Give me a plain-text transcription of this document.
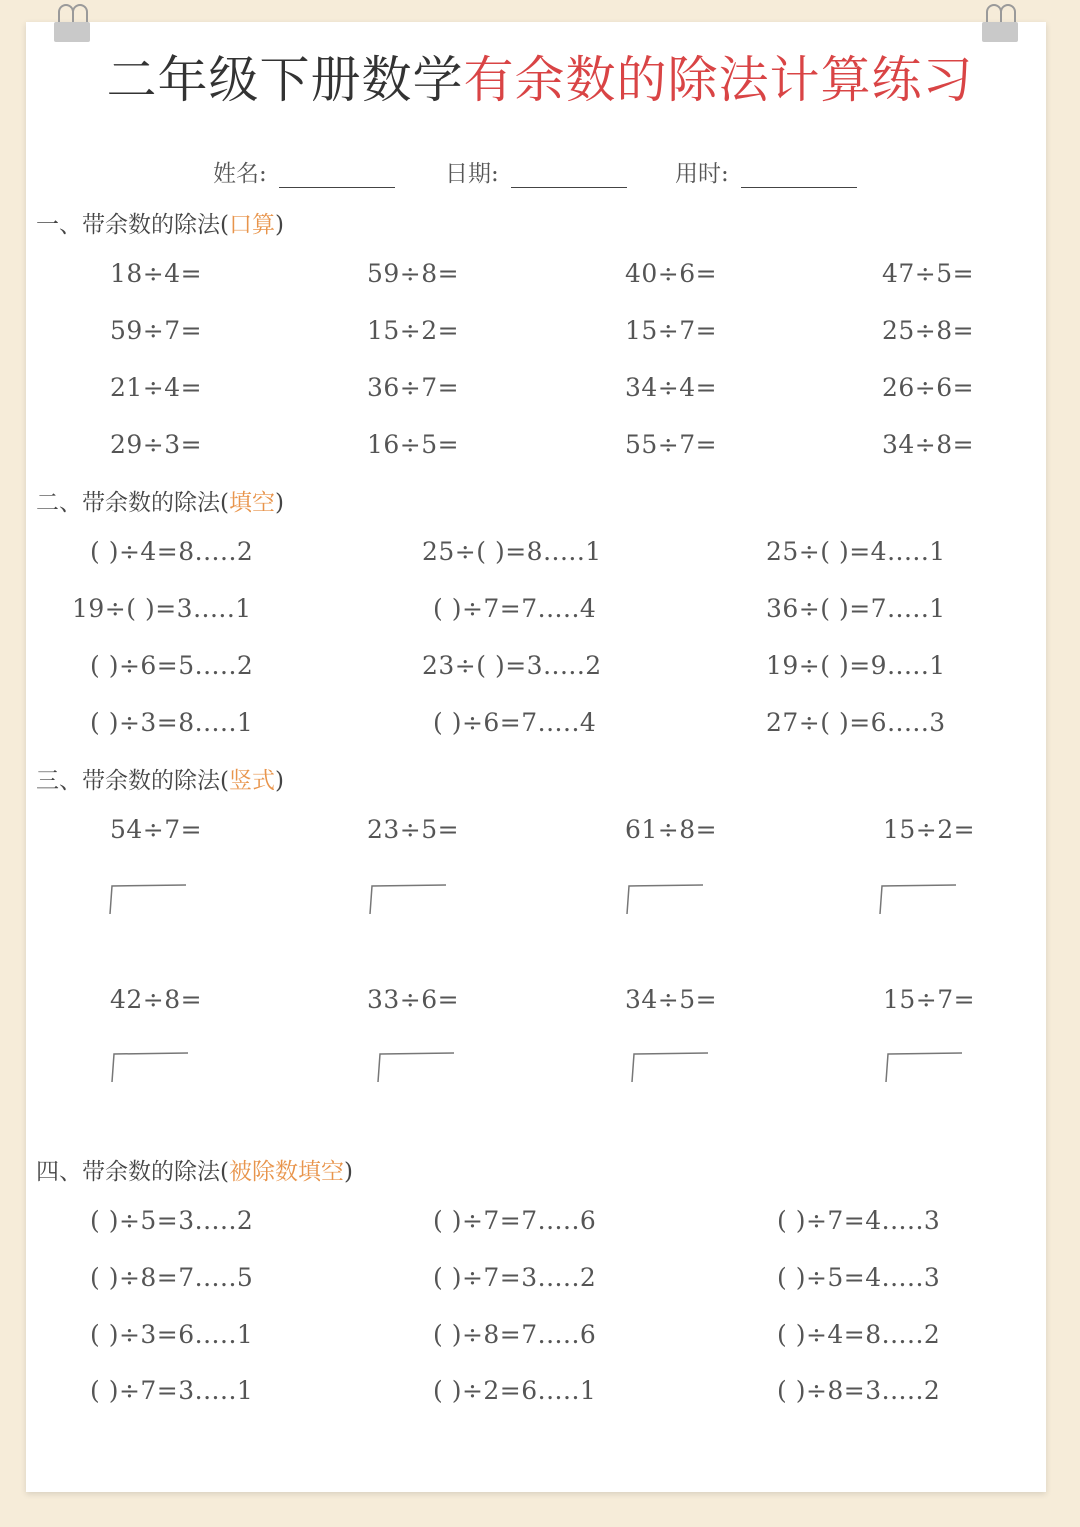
二年级下册数学有余数的除法计算练习
姓名:	日期:	用时:
一、带余数的除法(口算)
二、带余数的除法(填空)
三、带余数的除法(竖式)
四、带余数的除法(被除数填空)
18÷4=	59÷8=	40÷6=	47÷5=
59÷7=	15÷2=	15÷7=	25÷8=
21÷4=	36÷7=	34÷4=	26÷6=
29÷3=	16÷5=	55÷7=	34÷8=
( )÷4=8.....2	25÷( )=8.....1	25÷( )=4.....1
19÷( )=3.....1	( )÷7=7.....4	36÷( )=7.....1
( )÷6=5.....2	23÷( )=3.....2	19÷( )=9.....1
( )÷3=8.....1	( )÷6=7.....4	27÷( )=6.....3
54÷7=	23÷5=	61÷8=	15÷2=
42÷8=	33÷6=	34÷5=	15÷7=
( )÷5=3.....2	( )÷7=7.....6	( )÷7=4.....3
( )÷8=7.....5	( )÷7=3.....2	( )÷5=4.....3
( )÷3=6.....1	( )÷8=7.....6	( )÷4=8.....2
( )÷7=3.....1	( )÷2=6.....1	( )÷8=3.....2
